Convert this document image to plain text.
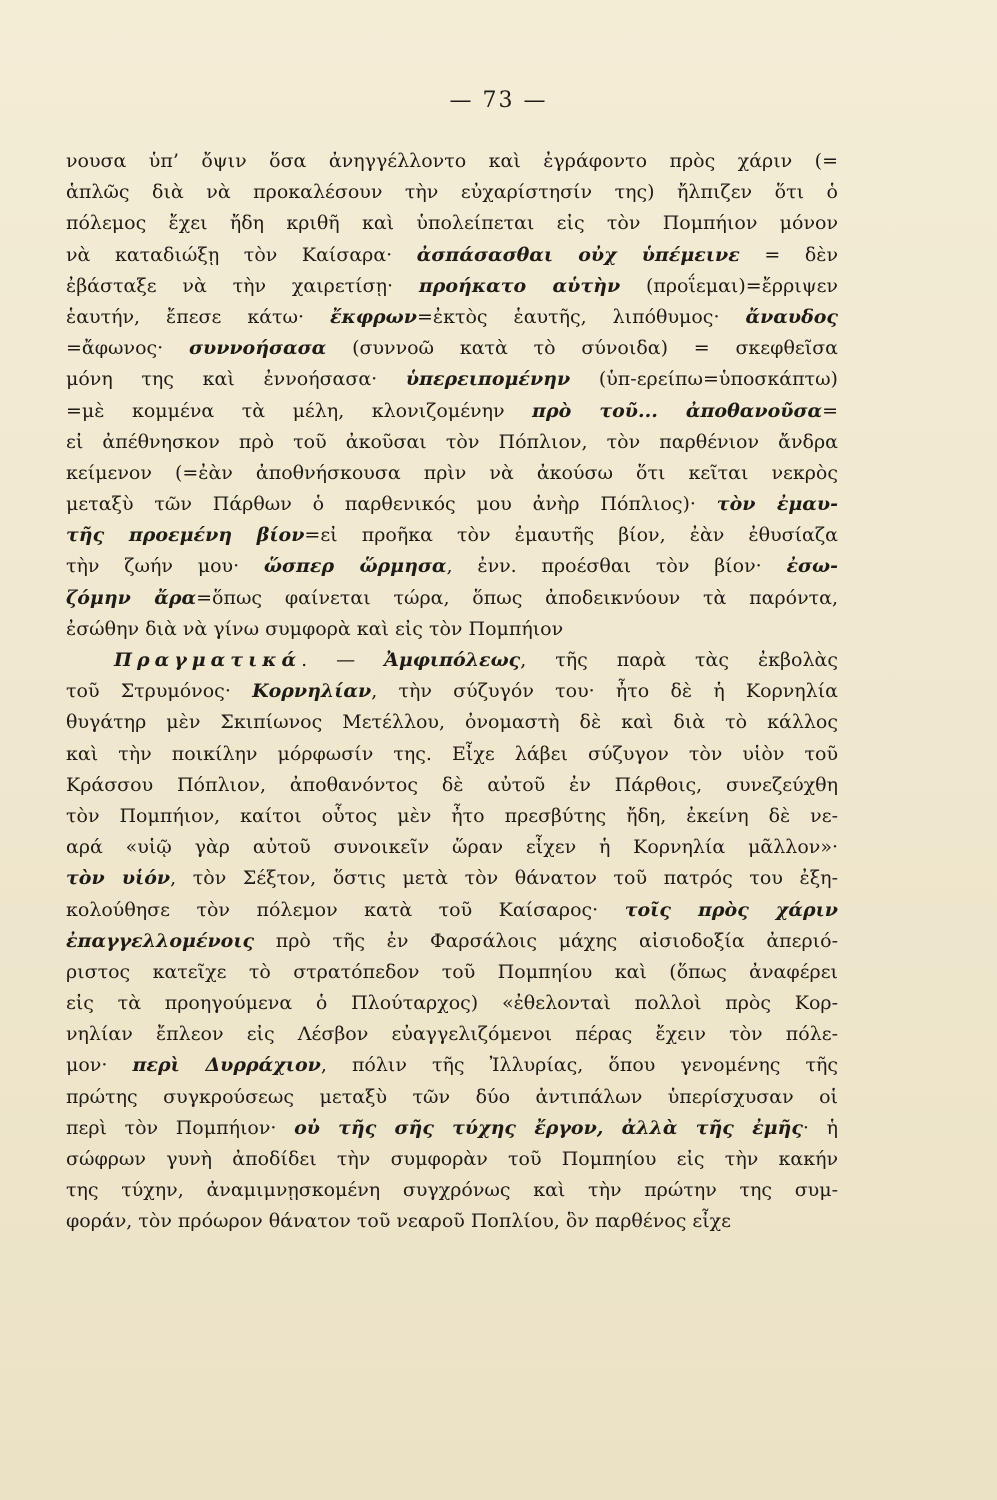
— 73 —
νουσα ὑπ’ ὄψιν ὅσα ἀνηγγέλλοντο καὶ ἐγράφοντο πρὸς χάριν (=
ἁπλῶς διὰ νὰ προκαλέσουν τὴν εὐχαρίστησίν της) ἤλπιζεν ὅτι ὁ
πόλεμος ἔχει ἤδη κριθῆ καὶ ὑπολείπεται εἰς τὸν Πομπήιον μόνον
νὰ καταδιώξῃ τὸν Καίσαρα· ἀσπάσασθαι οὐχ ὑπέμεινε = δὲν
ἐβάσταξε νὰ τὴν χαιρετίσῃ· προήκατο αὑτὴν (προΐεμαι)=ἔρριψεν
ἑαυτήν, ἔπεσε κάτω· ἔκφρων=ἐκτὸς ἑαυτῆς, λιπόθυμος· ἄναυδος
=ἄφωνος· συννοήσασα (συννοῶ κατὰ τὸ σύνοιδα) = σκεφθεῖσα
μόνη της καὶ ἐννοήσασα· ὑπερειπομένην (ὑπ-ερείπω=ὑποσκάπτω)
=μὲ κομμένα τὰ μέλη, κλονιζομένην πρὸ τοῦ... ἀποθανοῦσα=
εἰ ἀπέθνησκον πρὸ τοῦ ἀκοῦσαι τὸν Πόπλιον, τὸν παρθένιον ἄνδρα
κείμενον (=ἐὰν ἀποθνήσκουσα πρὶν νὰ ἀκούσω ὅτι κεῖται νεκρὸς
μεταξὺ τῶν Πάρθων ὁ παρθενικός μου ἀνὴρ Πόπλιος)· τὸν ἐμαυ-
τῆς προεμένη βίον=εἰ προῆκα τὸν ἐμαυτῆς βίον, ἐὰν ἐθυσίαζα
τὴν ζωήν μου· ὥσπερ ὥρμησα, ἐνν. προέσθαι τὸν βίον· ἐσω-
ζόμην ἄρα=ὅπως φαίνεται τώρα, ὅπως ἀποδεικνύουν τὰ παρόντα,
ἐσώθην διὰ νὰ γίνω συμφορὰ καὶ εἰς τὸν Πομπήιον
Πραγματικά. — Ἀμφιπόλεως, τῆς παρὰ τὰς ἐκβολὰς
τοῦ Στρυμόνος· Κορνηλίαν, τὴν σύζυγόν του· ἦτο δὲ ἡ Κορνηλία
θυγάτηρ μὲν Σκιπίωνος Μετέλλου, ὀνομαστὴ δὲ καὶ διὰ τὸ κάλλος
καὶ τὴν ποικίλην μόρφωσίν της. Εἶχε λάβει σύζυγον τὸν υἱὸν τοῦ
Κράσσου Πόπλιον, ἀποθανόντος δὲ αὐτοῦ ἐν Πάρθοις, συνεζεύχθη
τὸν Πομπήιον, καίτοι οὗτος μὲν ἦτο πρεσβύτης ἤδη, ἐκείνη δὲ νε-
αρά «υἱῷ γὰρ αὐτοῦ συνοικεῖν ὥραν εἶχεν ἡ Κορνηλία μᾶλλον»·
τὸν υἱόν, τὸν Σέξτον, ὅστις μετὰ τὸν θάνατον τοῦ πατρός του ἐξη-
κολούθησε τὸν πόλεμον κατὰ τοῦ Καίσαρος· τοῖς πρὸς χάριν
ἐπαγγελλομένοις πρὸ τῆς ἐν Φαρσάλοις μάχης αἰσιοδοξία ἀπεριό-
ριστος κατεῖχε τὸ στρατόπεδον τοῦ Πομπηίου καὶ (ὅπως ἀναφέρει
εἰς τὰ προηγούμενα ὁ Πλούταρχος) «ἐθελονταὶ πολλοὶ πρὸς Κορ-
νηλίαν ἔπλεον εἰς Λέσβον εὐαγγελιζόμενοι πέρας ἔχειν τὸν πόλε-
μον· περὶ Δυρράχιον, πόλιν τῆς Ἰλλυρίας, ὅπου γενομένης τῆς
πρώτης συγκρούσεως μεταξὺ τῶν δύο ἀντιπάλων ὑπερίσχυσαν οἱ
περὶ τὸν Πομπήιον· οὐ τῆς σῆς τύχης ἔργον, ἀλλὰ τῆς ἐμῆς· ἡ
σώφρων γυνὴ ἀποδίδει τὴν συμφορὰν τοῦ Πομπηίου εἰς τὴν κακήν
της τύχην, ἀναμιμνῃσκομένη συγχρόνως καὶ τὴν πρώτην της συμ-
φοράν, τὸν πρόωρον θάνατον τοῦ νεαροῦ Ποπλίου, ὃν παρθένος εἶχε
